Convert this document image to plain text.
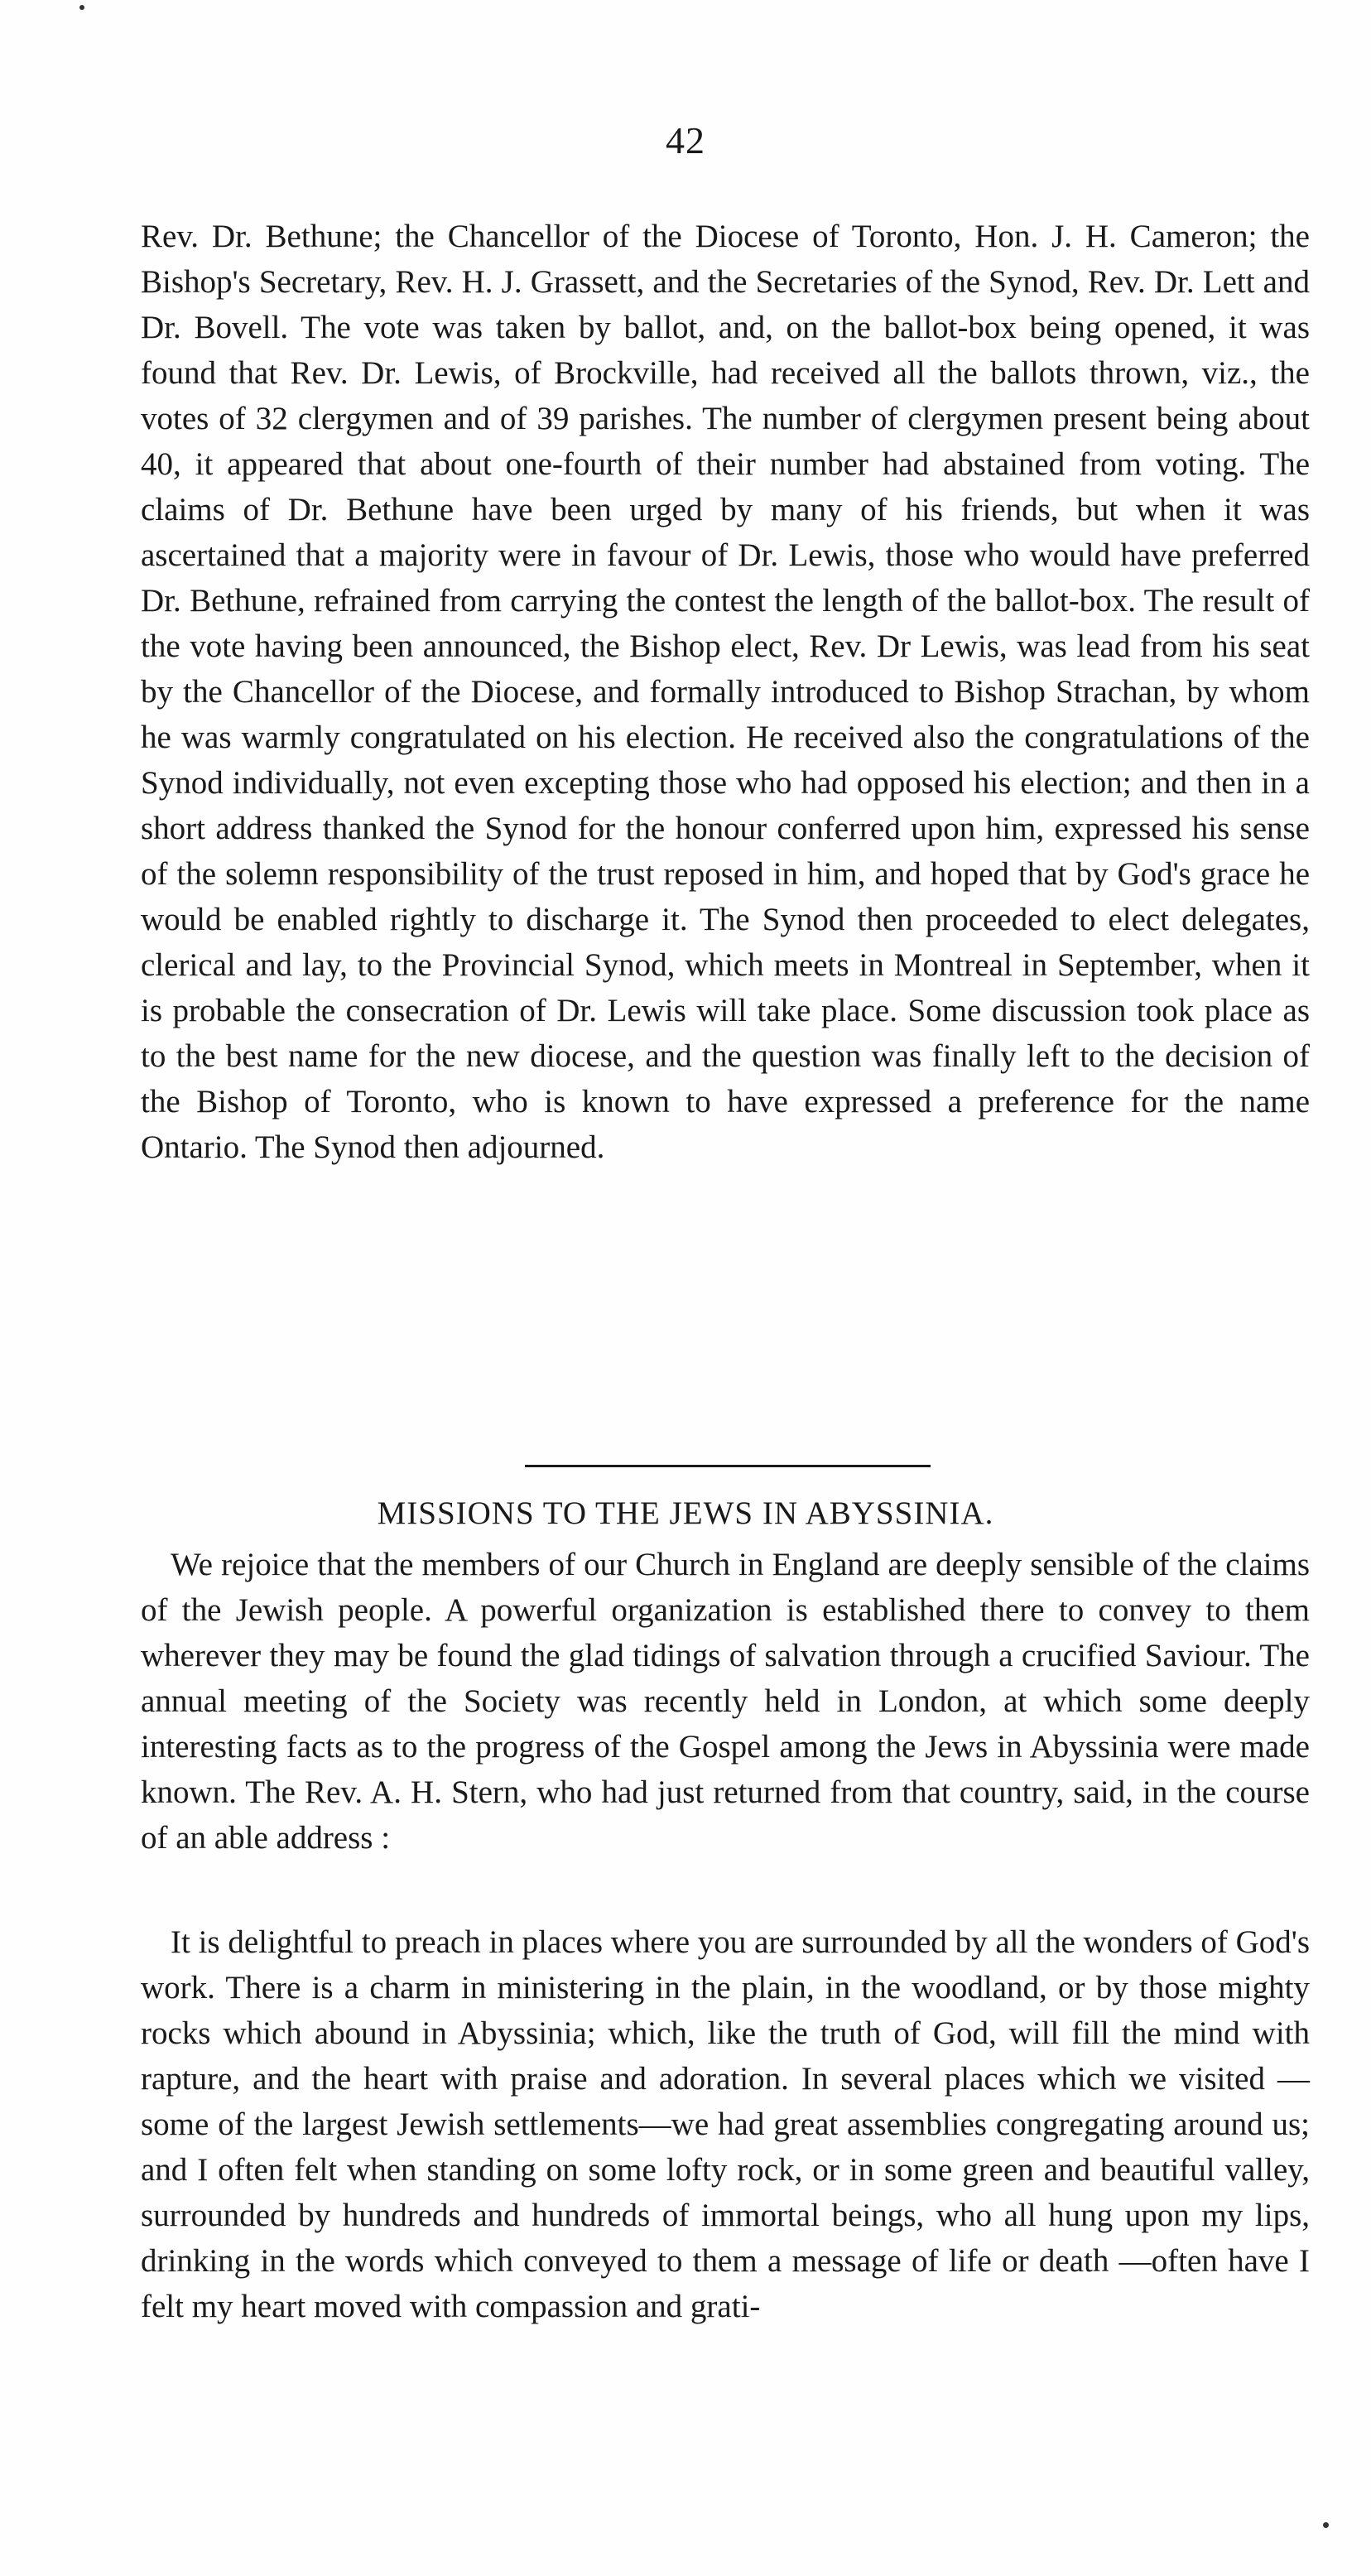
42

Rev. Dr. Bethune; the Chancellor of the Diocese of Toronto, Hon. J. H. Cameron; the Bishop's Secretary, Rev. H. J. Grassett, and the Secretaries of the Synod, Rev. Dr. Lett and Dr. Bovell. The vote was taken by ballot, and, on the ballot-box being opened, it was found that Rev. Dr. Lewis, of Brockville, had received all the ballots thrown, viz., the votes of 32 clergymen and of 39 parishes. The number of clergymen present being about 40, it appeared that about one-fourth of their number had abstained from voting. The claims of Dr. Bethune have been urged by many of his friends, but when it was ascertained that a majority were in favour of Dr. Lewis, those who would have preferred Dr. Bethune, refrained from carrying the contest the length of the ballot-box. The result of the vote having been announced, the Bishop elect, Rev. Dr Lewis, was lead from his seat by the Chancellor of the Diocese, and formally introduced to Bishop Strachan, by whom he was warmly congratulated on his election. He received also the congratulations of the Synod individually, not even excepting those who had opposed his election; and then in a short address thanked the Synod for the honour conferred upon him, expressed his sense of the solemn responsibility of the trust reposed in him, and hoped that by God's grace he would be enabled rightly to discharge it. The Synod then proceeded to elect delegates, clerical and lay, to the Provincial Synod, which meets in Montreal in September, when it is probable the consecration of Dr. Lewis will take place. Some discussion took place as to the best name for the new diocese, and the question was finally left to the decision of the Bishop of Toronto, who is known to have expressed a preference for the name Ontario. The Synod then adjourned.

MISSIONS TO THE JEWS IN ABYSSINIA.

We rejoice that the members of our Church in England are deeply sensible of the claims of the Jewish people. A powerful organization is established there to convey to them wherever they may be found the glad tidings of salvation through a crucified Saviour. The annual meeting of the Society was recently held in London, at which some deeply interesting facts as to the progress of the Gospel among the Jews in Abyssinia were made known. The Rev. A. H. Stern, who had just returned from that country, said, in the course of an able address :

It is delightful to preach in places where you are surrounded by all the wonders of God's work. There is a charm in ministering in the plain, in the woodland, or by those mighty rocks which abound in Abyssinia; which, like the truth of God, will fill the mind with rapture, and the heart with praise and adoration. In several places which we visited —some of the largest Jewish settlements—we had great assemblies congregating around us; and I often felt when standing on some lofty rock, or in some green and beautiful valley, surrounded by hundreds and hundreds of immortal beings, who all hung upon my lips, drinking in the words which conveyed to them a message of life or death —often have I felt my heart moved with compassion and grati-
